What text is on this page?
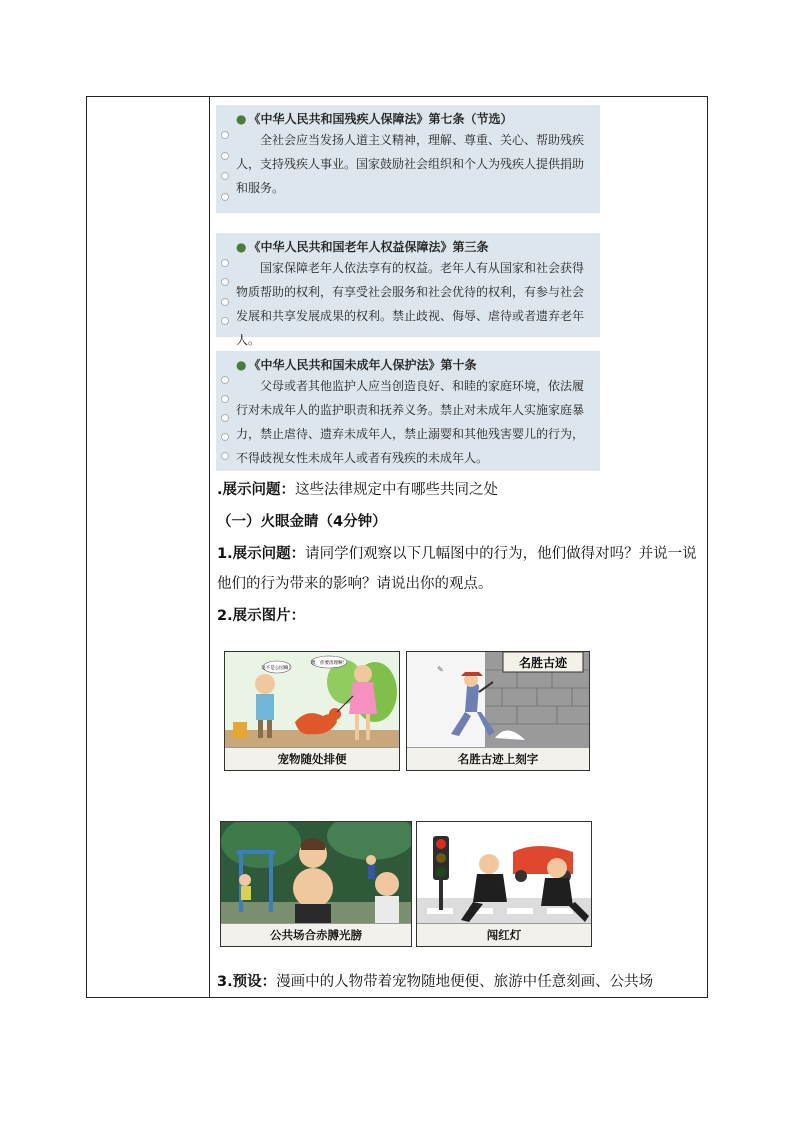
● 《中华人民共和国残疾人保障法》第七条（节选）
全社会应当发扬人道主义精神，理解、尊重、关心、帮助残疾人，支持残疾人事业。国家鼓励社会组织和个人为残疾人提供捐助和服务。
● 《中华人民共和国老年人权益保障法》第三条
国家保障老年人依法享有的权益。老年人有从国家和社会获得物质帮助的权利，有享受社会服务和社会优待的权利，有参与社会发展和共享发展成果的权利。禁止歧视、侮辱、虐待或者遗弃老年人。
● 《中华人民共和国未成年人保护法》第十条
父母或者其他监护人应当创造良好、和睦的家庭环境，依法履行对未成年人的监护职责和抚养义务。禁止对未成年人实施家庭暴力，禁止虐待、遗弃未成年人，禁止溺婴和其他残害婴儿的行为，不得歧视女性未成年人或者有残疾的未成年人。
.展示问题：这些法律规定中有哪些共同之处
（一）火眼金睛（4分钟）
1.展示问题：请同学们观察以下几幅图中的行为，他们做得对吗？并说一说他们的行为带来的影响？请说出你的观点。
2.展示图片：
这不是公园嘛！
喂，你要清理啊！
宠物随处排便
名胜古迹
✎
名胜古迹上刻字
公共场合赤膊光膀	闯红灯
3.预设：漫画中的人物带着宠物随地便便、旅游中任意刻画、公共场
